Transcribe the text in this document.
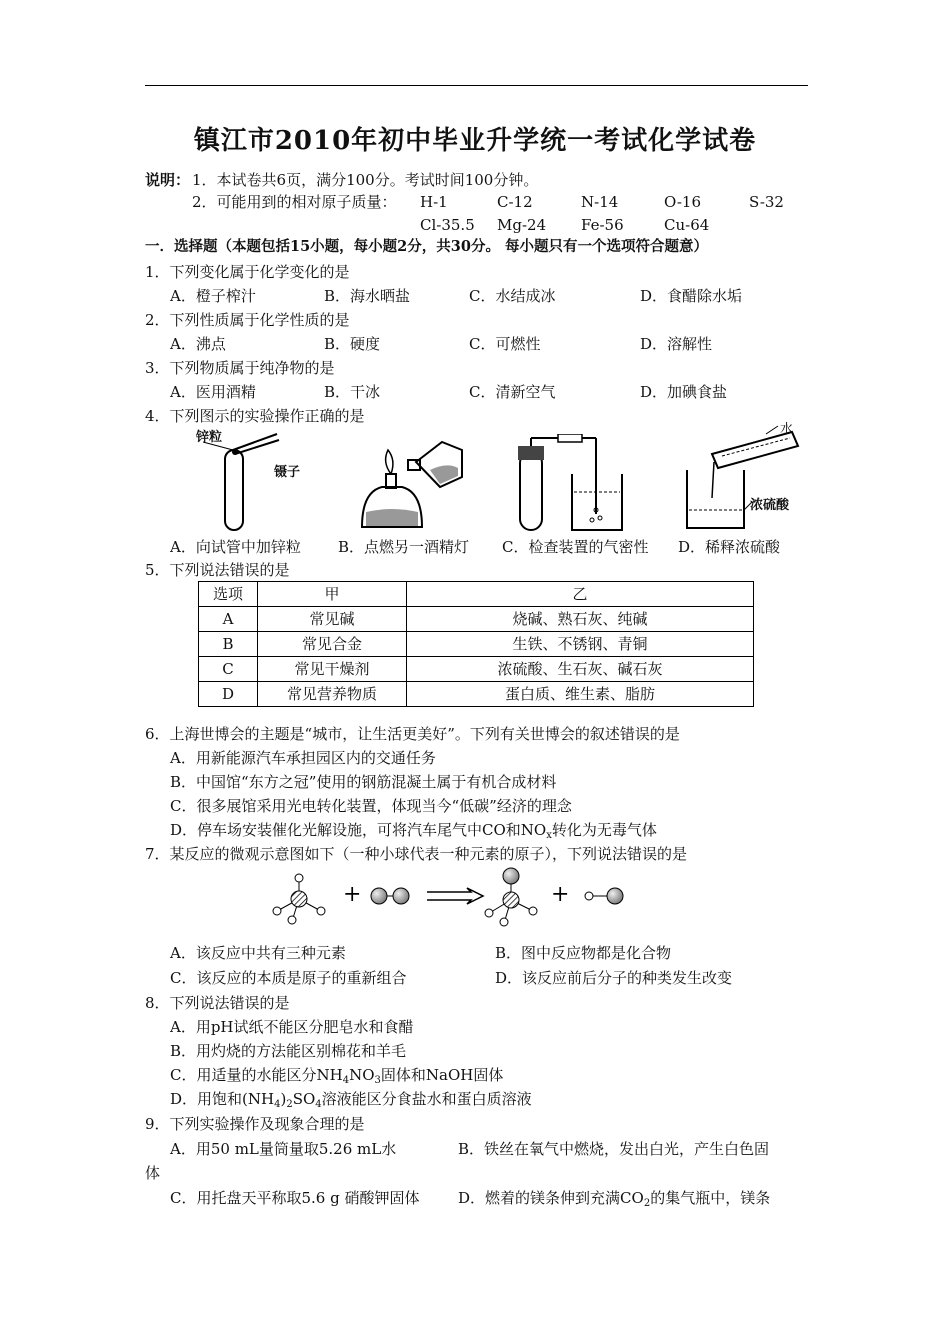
镇江市2010年初中毕业升学统一考试化学试卷
说明： 1．本试卷共6页，满分100分。考试时间100分钟。
2．可能用到的相对原子质量： H-1	C-12	N-14	O-16	S-32
Cl-35.5 Mg-24 Fe-56	Cu-64
一．选择题（本题包括15小题，每小题2分，共30分。 每小题只有一个选项符合题意）
1．下列变化属于化学变化的是
A．橙子榨汁	B．海水晒盐	C．水结成冰	D．食醋除水垢
2．下列性质属于化学性质的是
A．沸点	B．硬度	C．可燃性	D．溶解性
3．下列物质属于纯净物的是
A．医用酒精	B．干冰	C．清新空气	D．加碘食盐
4．下列图示的实验操作正确的是
锌粒
镊子
水
浓硫酸
A．向试管中加锌粒 B．点燃另一酒精灯 C．检查装置的气密性 D．稀释浓硫酸
5．下列说法错误的是
选项	甲	乙
A	常见碱	烧碱、熟石灰、纯碱
B	常见合金	生铁、不锈钢、青铜
C	常见干燥剂	浓硫酸、生石灰、碱石灰
D	常见营养物质	蛋白质、维生素、脂肪
6．上海世博会的主题是“城市，让生活更美好”。下列有关世博会的叙述错误的是
A．用新能源汽车承担园区内的交通任务
B．中国馆“东方之冠”使用的钢筋混凝土属于有机合成材料
C．很多展馆采用光电转化装置，体现当今“低碳”经济的理念
D．停车场安装催化光解设施，可将汽车尾气中CO和$NO_x$转化为无毒气体
7．某反应的微观示意图如下（一种小球代表一种元素的原子），下列说法错误的是
+	+
A．该反应中共有三种元素	B．图中反应物都是化合物
C．该反应的本质是原子的重新组合	D．该反应前后分子的种类发生改变
8．下列说法错误的是
A．用pH试纸不能区分肥皂水和食醋
B．用灼烧的方法能区别棉花和羊毛
C．用适量的水能区分$NH_4NO_3$固体和NaOH固体
D．用饱和$(NH_4)_2SO_4$溶液能区分食盐水和蛋白质溶液
9．下列实验操作及现象合理的是
A．用50 mL量筒量取5.26 mL水	B．铁丝在氧气中燃烧，发出白光，产生白色固
体
C．用托盘天平称取5.6 g 硝酸钾固体	D．燃着的镁条伸到充满$CO_2$的集气瓶中，镁条
